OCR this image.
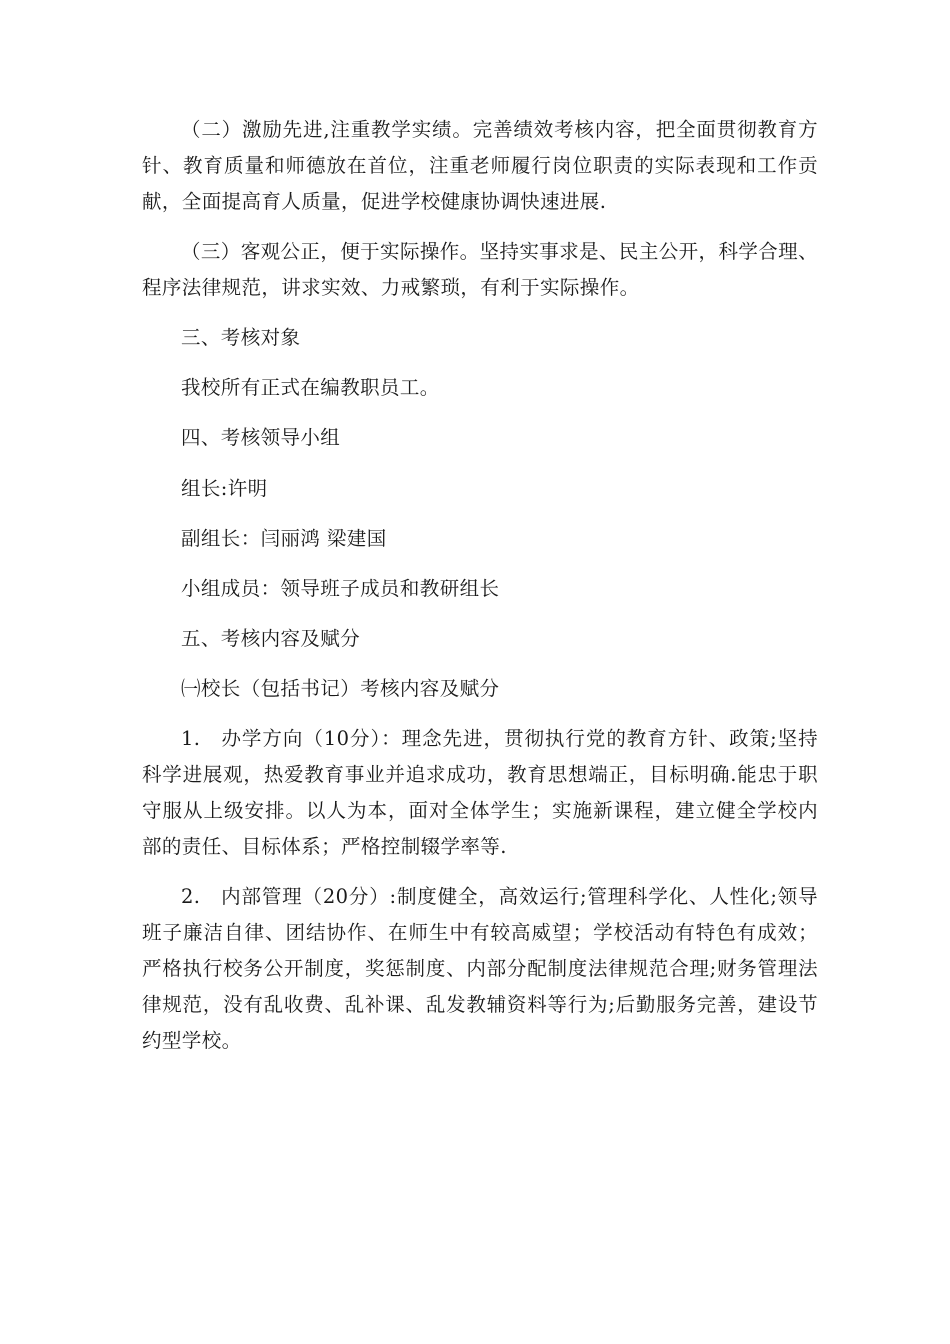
（二）激励先进,注重教学实绩。完善绩效考核内容，把全面贯彻教育方针、教育质量和师德放在首位，注重老师履行岗位职责的实际表现和工作贡献，全面提高育人质量，促进学校健康协调快速进展.

（三）客观公正，便于实际操作。坚持实事求是、民主公开，科学合理、程序法律规范，讲求实效、力戒繁琐，有利于实际操作。

三、考核对象

我校所有正式在编教职员工。

四、考核领导小组

组长:许明

副组长：闫丽鸿 梁建国

小组成员：领导班子成员和教研组长

五、考核内容及赋分

㈠校长（包括书记）考核内容及赋分

1.　办学方向（10分）：理念先进，贯彻执行党的教育方针、政策;坚持科学进展观，热爱教育事业并追求成功，教育思想端正，目标明确.能忠于职守服从上级安排。以人为本，面对全体学生；实施新课程，建立健全学校内部的责任、目标体系；严格控制辍学率等.

2.　内部管理（20分）:制度健全，高效运行;管理科学化、人性化;领导班子廉洁自律、团结协作、在师生中有较高威望；学校活动有特色有成效；严格执行校务公开制度，奖惩制度、内部分配制度法律规范合理;财务管理法律规范，没有乱收费、乱补课、乱发教辅资料等行为;后勤服务完善，建设节约型学校。
